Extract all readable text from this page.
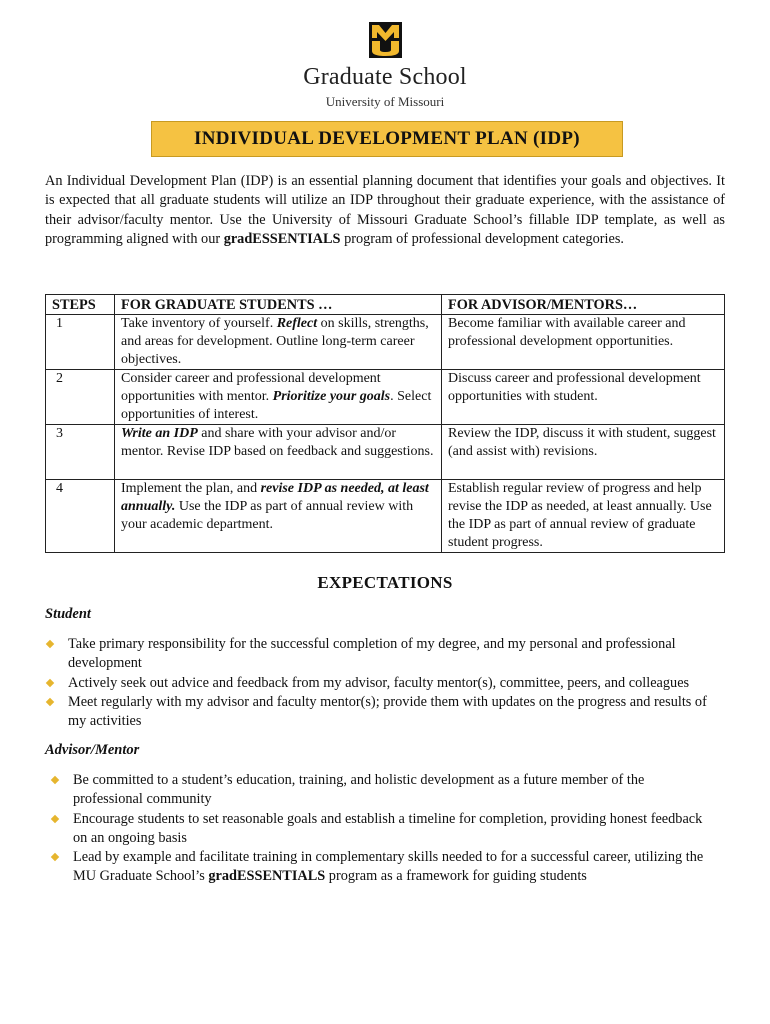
Graduate School
University of Missouri
INDIVIDUAL DEVELOPMENT PLAN (IDP)

An Individual Development Plan (IDP) is an essential planning document that identifies your goals and objectives. It is expected that all graduate students will utilize an IDP throughout their graduate experience, with the assistance of their advisor/faculty mentor. Use the University of Missouri Graduate School’s fillable IDP template, as well as programming aligned with our gradESSENTIALS program of professional development categories.

STEPS	FOR GRADUATE STUDENTS …	FOR ADVISOR/MENTORS…
1	Take inventory of yourself. Reflect on skills, strengths, and areas for development. Outline long-term career objectives.	Become familiar with available career and professional development opportunities.
2	Consider career and professional development opportunities with mentor. Prioritize your goals. Select opportunities of interest.	Discuss career and professional development opportunities with student.
3	Write an IDP and share with your advisor and/or mentor. Revise IDP based on feedback and suggestions.	Review the IDP, discuss it with student, suggest (and assist with) revisions.
4	Implement the plan, and revise IDP as needed, at least annually. Use the IDP as part of annual review with your academic department.	Establish regular review of progress and help revise the IDP as needed, at least annually. Use the IDP as part of annual review of graduate student progress.
EXPECTATIONS
Student
Take primary responsibility for the successful completion of my degree, and my personal and professional development
Actively seek out advice and feedback from my advisor, faculty mentor(s), committee, peers, and colleagues
Meet regularly with my advisor and faculty mentor(s); provide them with updates on the progress and results of my activities
Advisor/Mentor
Be committed to a student’s education, training, and holistic development as a future member of the professional community
Encourage students to set reasonable goals and establish a timeline for completion, providing honest feedback on an ongoing basis
Lead by example and facilitate training in complementary skills needed to for a successful career, utilizing the MU Graduate School’s gradESSENTIALS program as a framework for guiding students
